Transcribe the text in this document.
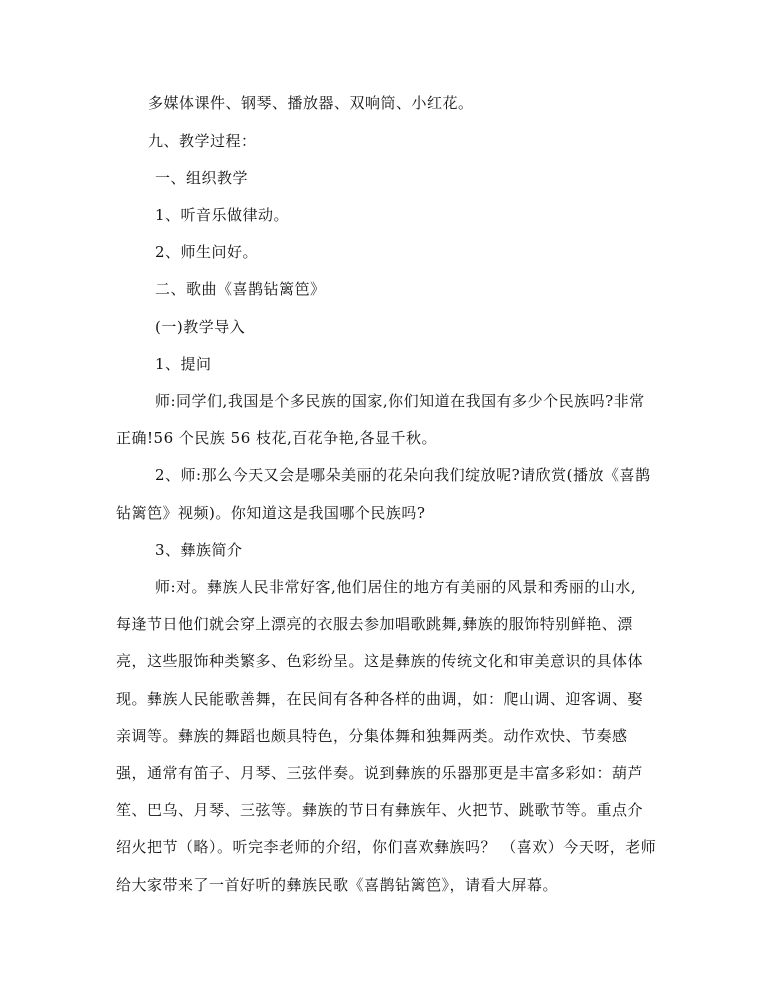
多媒体课件、钢琴、播放器、双响筒、小红花。
九、教学过程：
一、组织教学
1、听音乐做律动。
2、师生问好。
二、歌曲《喜鹊钻篱笆》
(一)教学导入
1、提问
师:同学们,我国是个多民族的国家,你们知道在我国有多少个民族吗?非常
正确!56 个民族 56 枝花,百花争艳,各显千秋。
2、师:那么今天又会是哪朵美丽的花朵向我们绽放呢?请欣赏(播放《喜鹊
钻篱笆》视频)。你知道这是我国哪个民族吗?
3、彝族简介
师:对。彝族人民非常好客,他们居住的地方有美丽的风景和秀丽的山水,
每逢节日他们就会穿上漂亮的衣服去参加唱歌跳舞,彝族的服饰特别鲜艳、漂
亮，这些服饰种类繁多、色彩纷呈。这是彝族的传统文化和审美意识的具体体
现。彝族人民能歌善舞，在民间有各种各样的曲调，如：爬山调、迎客调、娶
亲调等。彝族的舞蹈也颇具特色，分集体舞和独舞两类。动作欢快、节奏感
强，通常有笛子、月琴、三弦伴奏。说到彝族的乐器那更是丰富多彩如：葫芦
笙、巴乌、月琴、三弦等。彝族的节日有彝族年、火把节、跳歌节等。重点介
绍火把节（略）。听完李老师的介绍，你们喜欢彝族吗？ （喜欢）今天呀，老师
给大家带来了一首好听的彝族民歌《喜鹊钻篱笆》，请看大屏幕。
